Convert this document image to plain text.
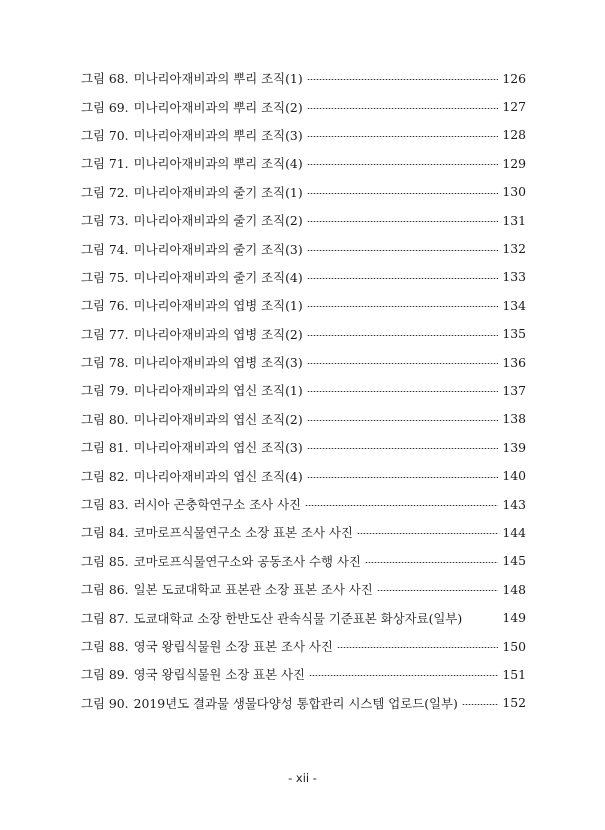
그림 68. 미나리아재비과의 뿌리 조직(1)	126
그림 69. 미나리아재비과의 뿌리 조직(2)	127
그림 70. 미나리아재비과의 뿌리 조직(3)	128
그림 71. 미나리아재비과의 뿌리 조직(4)	129
그림 72. 미나리아재비과의 줄기 조직(1)	130
그림 73. 미나리아재비과의 줄기 조직(2)	131
그림 74. 미나리아재비과의 줄기 조직(3)	132
그림 75. 미나리아재비과의 줄기 조직(4)	133
그림 76. 미나리아재비과의 엽병 조직(1)	134
그림 77. 미나리아재비과의 엽병 조직(2)	135
그림 78. 미나리아재비과의 엽병 조직(3)	136
그림 79. 미나리아재비과의 엽신 조직(1)	137
그림 80. 미나리아재비과의 엽신 조직(2)	138
그림 81. 미나리아재비과의 엽신 조직(3)	139
그림 82. 미나리아재비과의 엽신 조직(4)	140
그림 83. 러시아 곤충학연구소 조사 사진	143
그림 84. 코마로프식물연구소 소장 표본 조사 사진	144
그림 85. 코마로프식물연구소와 공동조사 수행 사진	145
그림 86. 일본 도쿄대학교 표본관 소장 표본 조사 사진	148
그림 87. 도쿄대학교 소장 한반도산 관속식물 기준표본 화상자료(일부)	149
그림 88. 영국 왕립식물원 소장 표본 조사 사진	150
그림 89. 영국 왕립식물원 소장 표본 사진	151
그림 90. 2019년도 결과물 생물다양성 통합관리 시스템 업로드(일부)	152
- xii -
